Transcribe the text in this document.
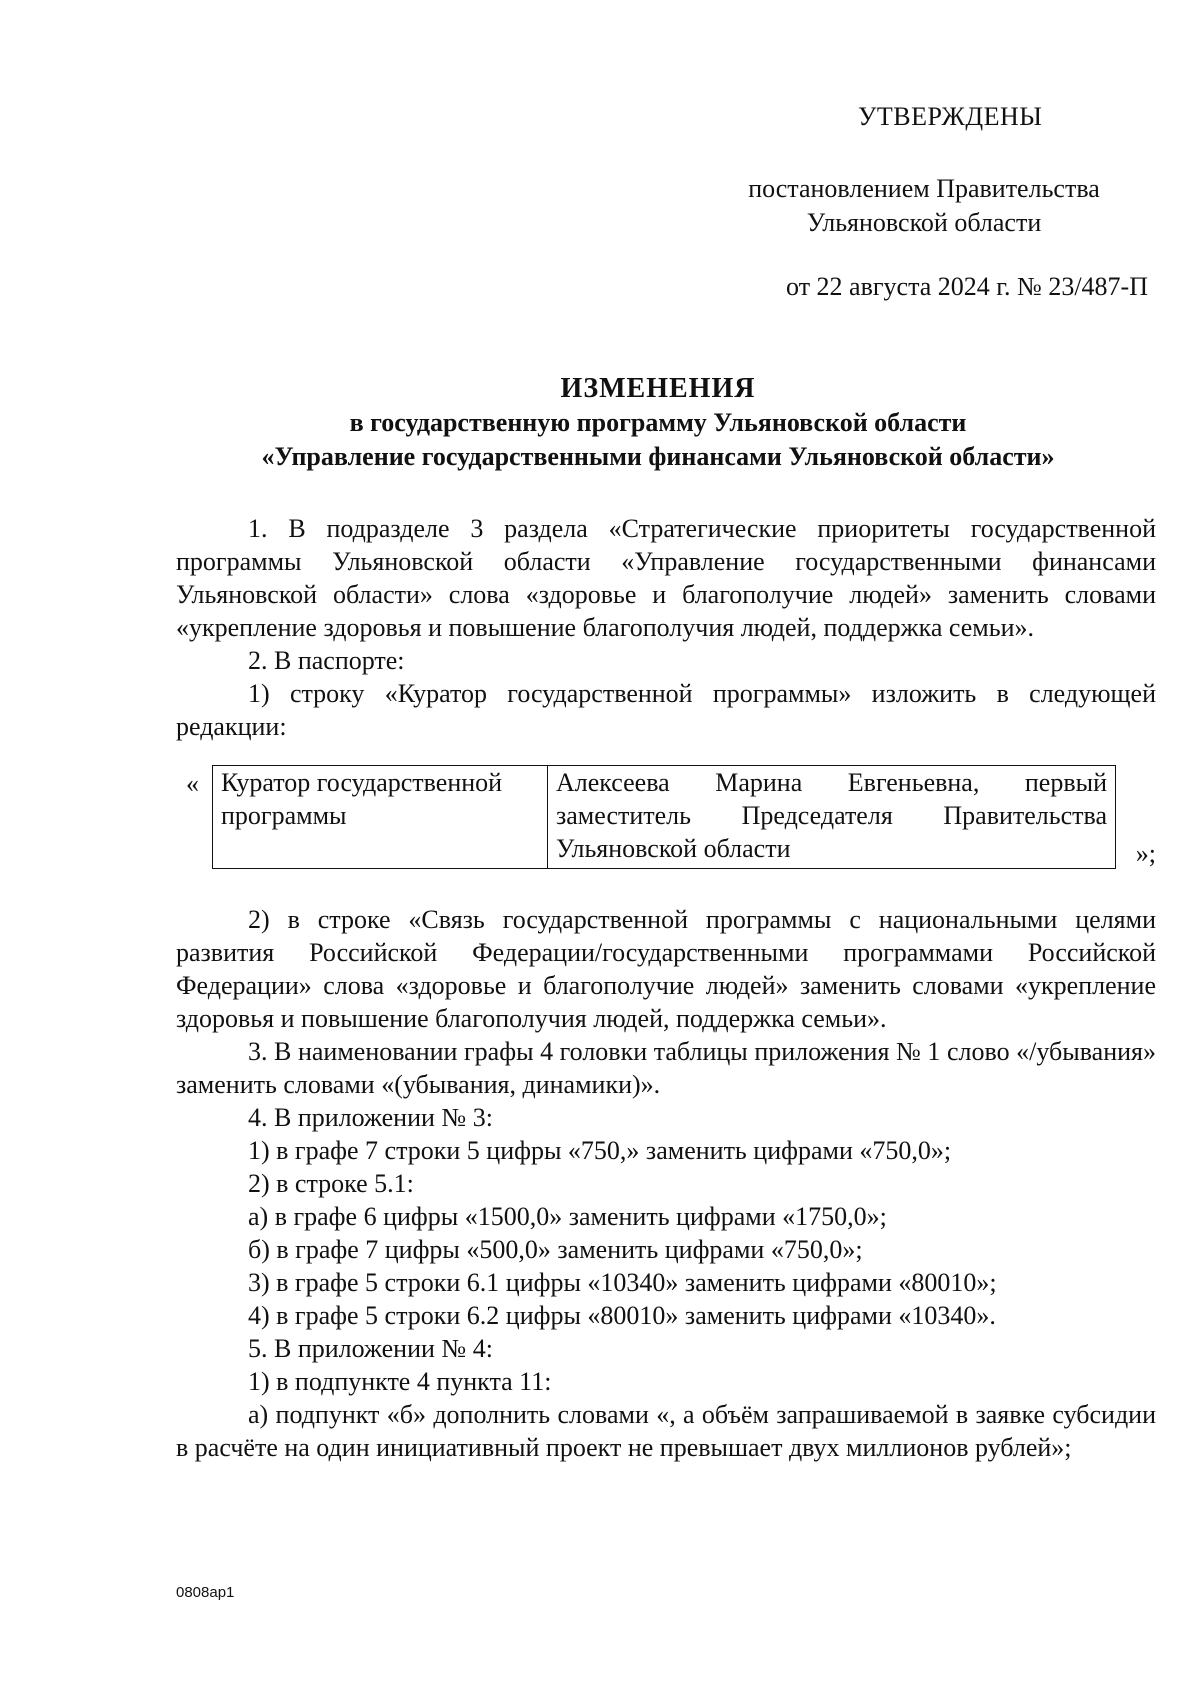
УТВЕРЖДЕНЫ
постановлением Правительства
Ульяновской области
от 22 августа 2024 г. № 23/487-П
ИЗМЕНЕНИЯ
в государственную программу Ульяновской области
«Управление государственными финансами Ульяновской области»
1. В подразделе 3 раздела «Стратегические приоритеты государственной программы Ульяновской области «Управление государственными финансами Ульяновской области» слова «здоровье и благополучие людей» заменить словами «укрепление здоровья и повышение благополучия людей, поддержка семьи».
2. В паспорте:
1) строку «Куратор государственной программы» изложить в следующей редакции:
« Куратор государственной программы	Алексеева Марина Евгеньевна, первый заместитель Председателя Правительства Ульяновской области	»;
2) в строке «Связь государственной программы с национальными целями развития Российской Федерации/государственными программами Российской Федерации» слова «здоровье и благополучие людей» заменить словами «укрепление здоровья и повышение благополучия людей, поддержка семьи».
3. В наименовании графы 4 головки таблицы приложения № 1 слово «/убывания» заменить словами «(убывания, динамики)».
4. В приложении № 3:
1) в графе 7 строки 5 цифры «750,» заменить цифрами «750,0»;
2) в строке 5.1:
а) в графе 6 цифры «1500,0» заменить цифрами «1750,0»;
б) в графе 7 цифры «500,0» заменить цифрами «750,0»;
3) в графе 5 строки 6.1 цифры «10340» заменить цифрами «80010»;
4) в графе 5 строки 6.2 цифры «80010» заменить цифрами «10340».
5. В приложении № 4:
1) в подпункте 4 пункта 11:
а) подпункт «б» дополнить словами «, а объём запрашиваемой в заявке субсидии в расчёте на один инициативный проект не превышает двух миллионов рублей»;
0808ap1
